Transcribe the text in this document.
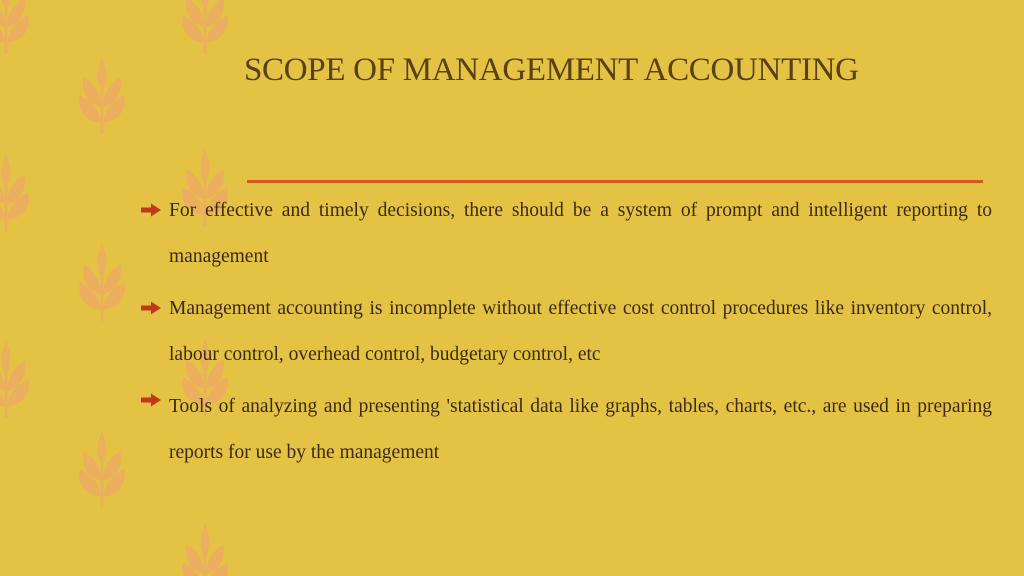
SCOPE OF MANAGEMENT ACCOUNTING
For effective and timely decisions, there should be a system of prompt and intelligent reporting to management
Management accounting is incomplete without effective cost control procedures like inventory control, labour control, overhead control, budgetary control, etc
Tools of analyzing and presenting 'statistical data like graphs, tables, charts, etc., are used in preparing reports for use by the management
